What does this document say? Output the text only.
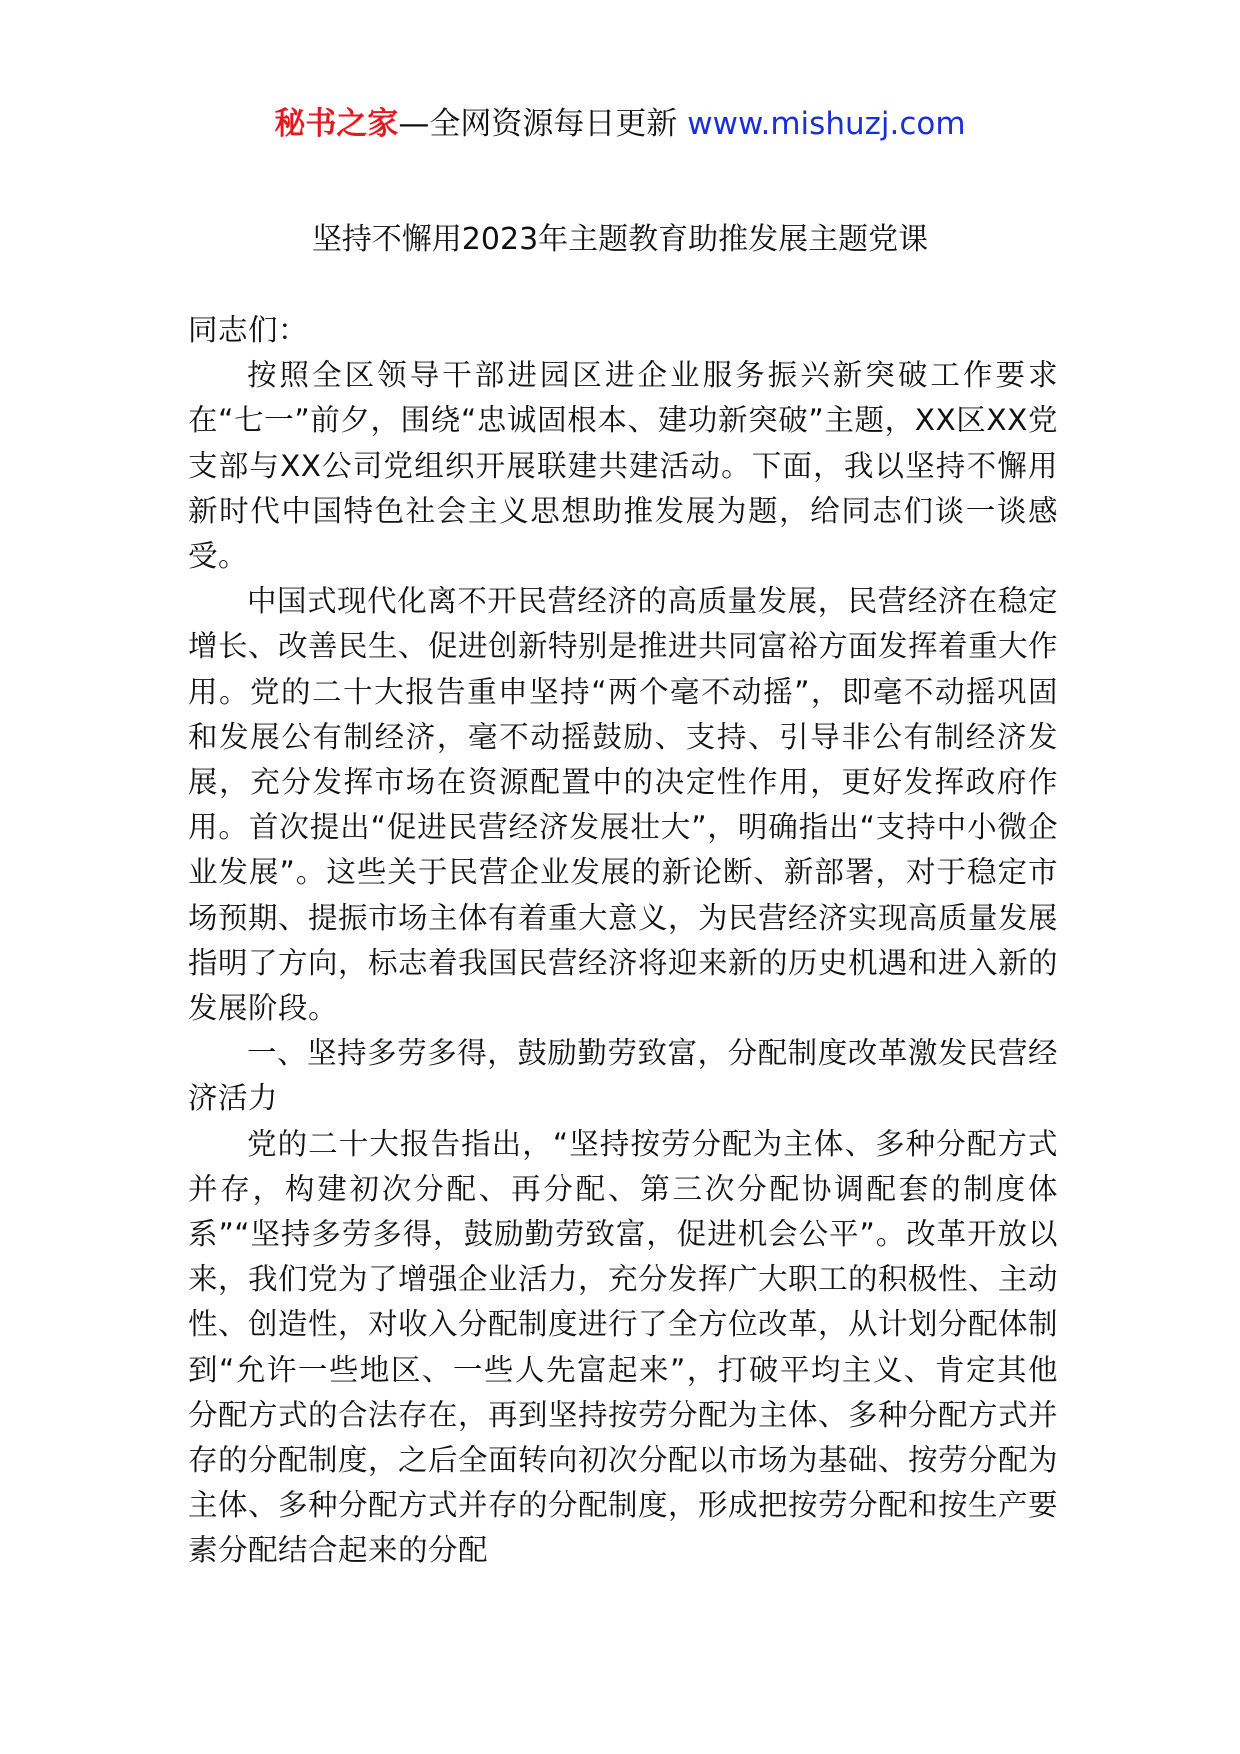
秘书之家—全网资源每日更新 www.mishuzj.com
坚持不懈用2023年主题教育助推发展主题党课

同志们：

按照全区领导干部进园区进企业服务振兴新突破工作要求在“七一”前夕，围绕“忠诚固根本、建功新突破”主题，XX区XX党支部与XX公司党组织开展联建共建活动。下面，我以坚持不懈用新时代中国特色社会主义思想助推发展为题，给同志们谈一谈感受。

中国式现代化离不开民营经济的高质量发展，民营经济在稳定增长、改善民生、促进创新特别是推进共同富裕方面发挥着重大作用。党的二十大报告重申坚持“两个毫不动摇”，即毫不动摇巩固和发展公有制经济，毫不动摇鼓励、支持、引导非公有制经济发展，充分发挥市场在资源配置中的决定性作用，更好发挥政府作用。首次提出“促进民营经济发展壮大”，明确指出“支持中小微企业发展”。这些关于民营企业发展的新论断、新部署，对于稳定市场预期、提振市场主体有着重大意义，为民营经济实现高质量发展指明了方向，标志着我国民营经济将迎来新的历史机遇和进入新的发展阶段。

一、坚持多劳多得，鼓励勤劳致富，分配制度改革激发民营经济活力

党的二十大报告指出，“坚持按劳分配为主体、多种分配方式并存，构建初次分配、再分配、第三次分配协调配套的制度体系”“坚持多劳多得，鼓励勤劳致富，促进机会公平”。改革开放以来，我们党为了增强企业活力，充分发挥广大职工的积极性、主动性、创造性，对收入分配制度进行了全方位改革，从计划分配体制到“允许一些地区、一些人先富起来”，打破平均主义、肯定其他分配方式的合法存在，再到坚持按劳分配为主体、多种分配方式并存的分配制度，之后全面转向初次分配以市场为基础、按劳分配为主体、多种分配方式并存的分配制度，形成把按劳分配和按生产要素分配结合起来的分配
